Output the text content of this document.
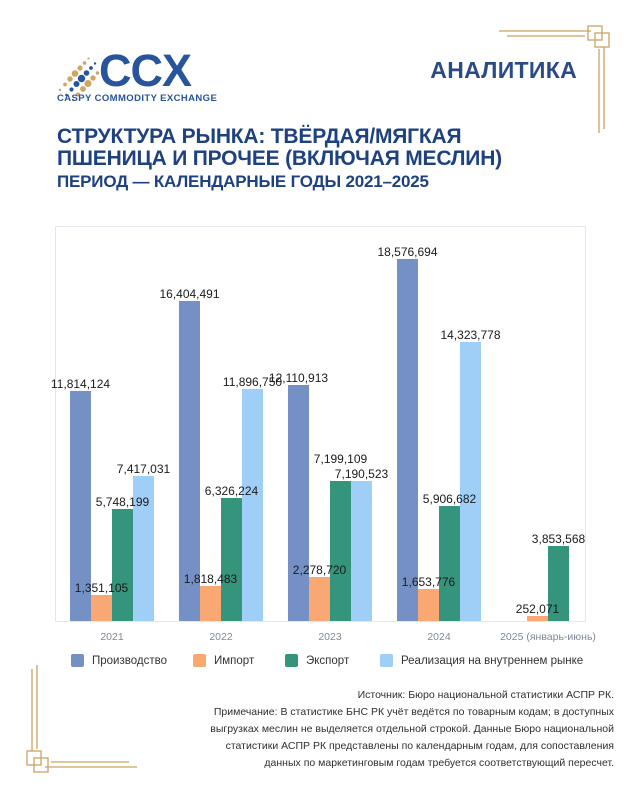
CCX
CASPY COMMODITY EXCHANGE
АНАЛИТИКА
СТРУКТУРА РЫНКА: ТВЁРДАЯ/МЯГКАЯ
ПШЕНИЦА И ПРОЧЕЕ (ВКЛЮЧАЯ МЕСЛИН)
ПЕРИОД — КАЛЕНДАРНЫЕ ГОДЫ 2021–2025
11,814,124
16,404,491
12,110,913
18,576,694
1,351,105
1,818,483
2,278,720
1,653,776
252,071
5,748,199
6,326,224
7,199,109
5,906,682
3,853,568
7,417,031
11,896,750
7,190,523
14,323,778
2021	2022	2023	2024	2025 (январь-июнь)
Производство	Импорт	Экспорт	Реализация на внутреннем рынке
Источник: Бюро национальной статистики АСПР РК.
Примечание: В статистике БНС РК учёт ведётся по товарным кодам; в доступных
выгрузках меслин не выделяется отдельной строкой. Данные Бюро национальной
статистики АСПР РК представлены по календарным годам, для сопоставления
данных по маркетинговым годам требуется соответствующий пересчет.
